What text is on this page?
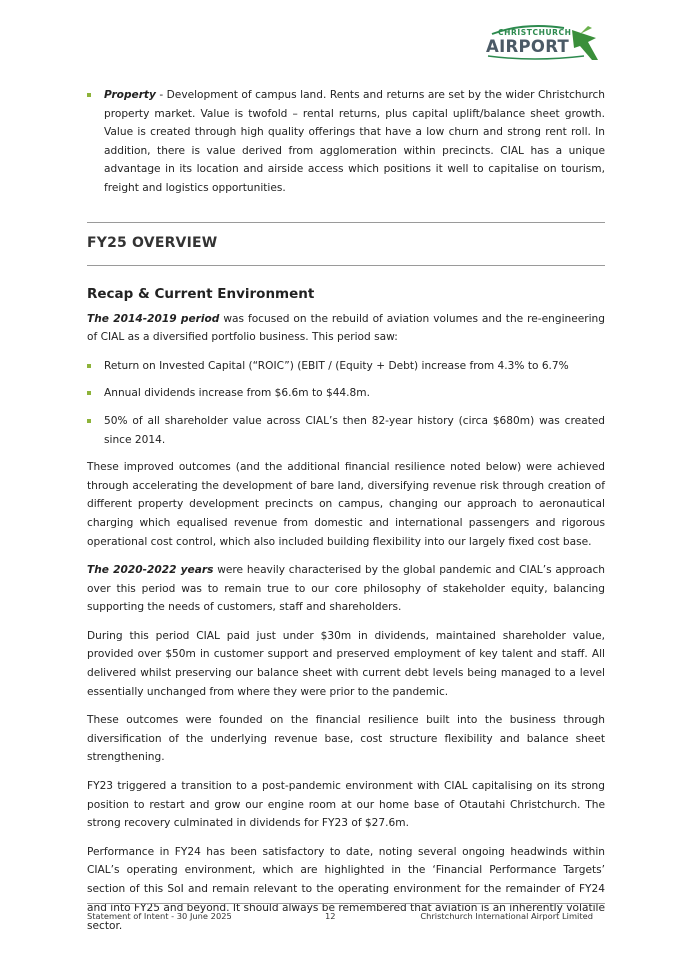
CHRISTCHURCH
AIRPORT
Property - Development of campus land. Rents and returns are set by the wider Christchurch property market. Value is twofold – rental returns, plus capital uplift/balance sheet growth. Value is created through high quality offerings that have a low churn and strong rent roll. In addition, there is value derived from agglomeration within precincts. CIAL has a unique advantage in its location and airside access which positions it well to capitalise on tourism, freight and logistics opportunities.
FY25 OVERVIEW
Recap & Current Environment

The 2014-2019 period was focused on the rebuild of aviation volumes and the re-engineering of CIAL as a diversified portfolio business. This period saw:

Return on Invested Capital (“ROIC”) (EBIT / (Equity + Debt) increase from 4.3% to 6.7%
Annual dividends increase from $6.6m to $44.8m.
50% of all shareholder value across CIAL’s then 82-year history (circa $680m) was created since 2014.

These improved outcomes (and the additional financial resilience noted below) were achieved through accelerating the development of bare land, diversifying revenue risk through creation of different property development precincts on campus, changing our approach to aeronautical charging which equalised revenue from domestic and international passengers and rigorous operational cost control, which also included building flexibility into our largely fixed cost base.

The 2020-2022 years were heavily characterised by the global pandemic and CIAL’s approach over this period was to remain true to our core philosophy of stakeholder equity, balancing supporting the needs of customers, staff and shareholders.

During this period CIAL paid just under $30m in dividends, maintained shareholder value, provided over $50m in customer support and preserved employment of key talent and staff. All delivered whilst preserving our balance sheet with current debt levels being managed to a level essentially unchanged from where they were prior to the pandemic.

These outcomes were founded on the financial resilience built into the business through diversification of the underlying revenue base, cost structure flexibility and balance sheet strengthening.

FY23 triggered a transition to a post-pandemic environment with CIAL capitalising on its strong position to restart and grow our engine room at our home base of Otautahi Christchurch. The strong recovery culminated in dividends for FY23 of $27.6m.

Performance in FY24 has been satisfactory to date, noting several ongoing headwinds within CIAL’s operating environment, which are highlighted in the ‘Financial Performance Targets’ section of this SoI and remain relevant to the operating environment for the remainder of FY24 and into FY25 and beyond. It should always be remembered that aviation is an inherently volatile sector.

Statement of Intent - 30 June 2025	12	Christchurch International Airport Limited
